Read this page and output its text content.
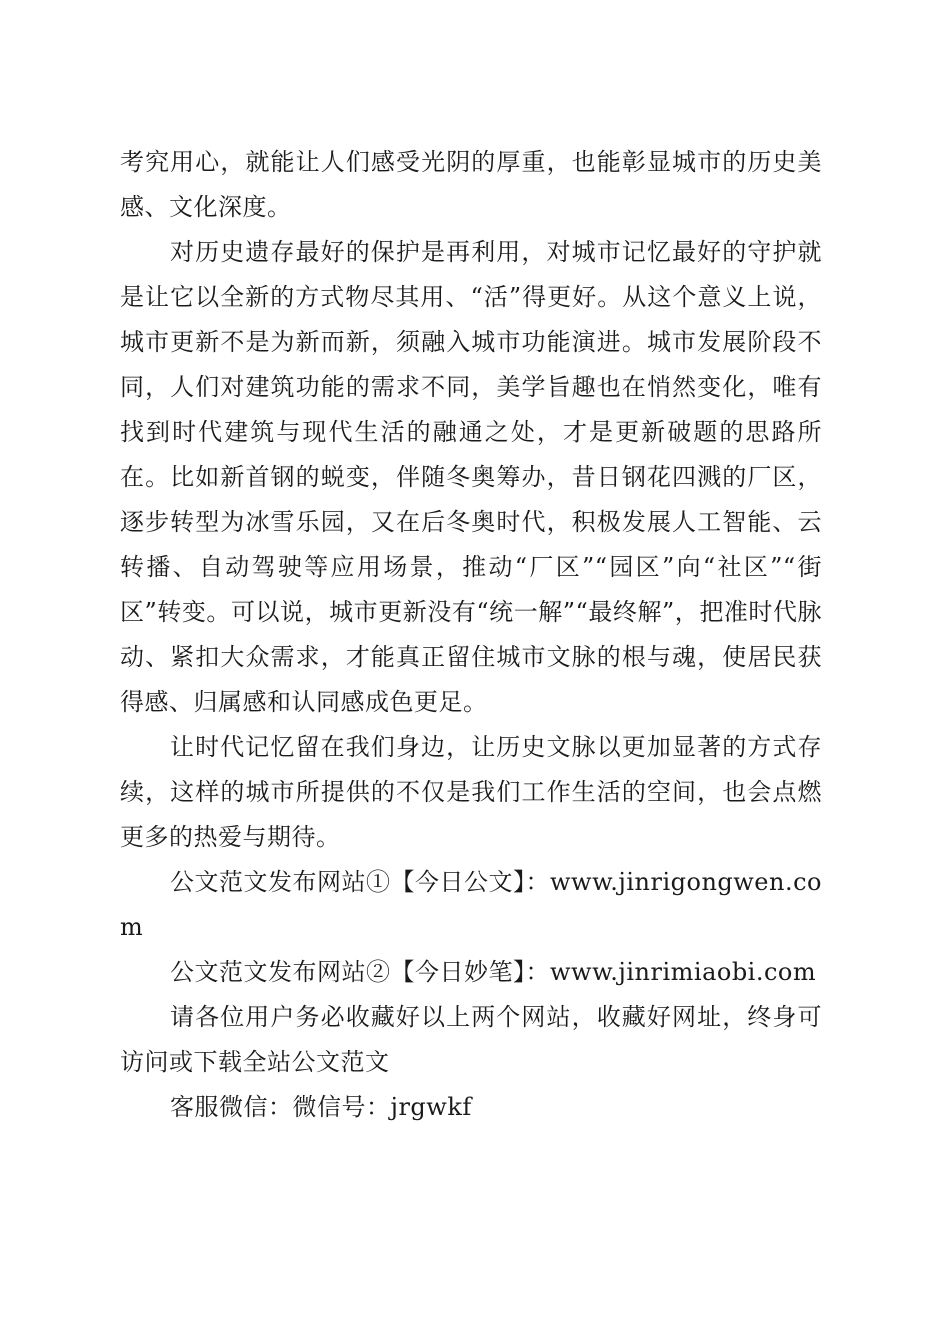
考究用心，就能让人们感受光阴的厚重，也能彰显城市的历史美感、文化深度。

对历史遗存最好的保护是再利用，对城市记忆最好的守护就是让它以全新的方式物尽其用、“活”得更好。从这个意义上说，城市更新不是为新而新，须融入城市功能演进。城市发展阶段不同，人们对建筑功能的需求不同，美学旨趣也在悄然变化，唯有找到时代建筑与现代生活的融通之处，才是更新破题的思路所在。比如新首钢的蜕变，伴随冬奥筹办，昔日钢花四溅的厂区，逐步转型为冰雪乐园，又在后冬奥时代，积极发展人工智能、云转播、自动驾驶等应用场景，推动“厂区”“园区”向“社区”“街区”转变。可以说，城市更新没有“统一解”“最终解”，把准时代脉动、紧扣大众需求，才能真正留住城市文脉的根与魂，使居民获得感、归属感和认同感成色更足。

让时代记忆留在我们身边，让历史文脉以更加显著的方式存续，这样的城市所提供的不仅是我们工作生活的空间，也会点燃更多的热爱与期待。

公文范文发布网站①【今日公文】：www.jinrigongwen.com

公文范文发布网站②【今日妙笔】：www.jinrimiaobi.com

请各位用户务必收藏好以上两个网站，收藏好网址，终身可访问或下载全站公文范文

客服微信：微信号：jrgwkf
